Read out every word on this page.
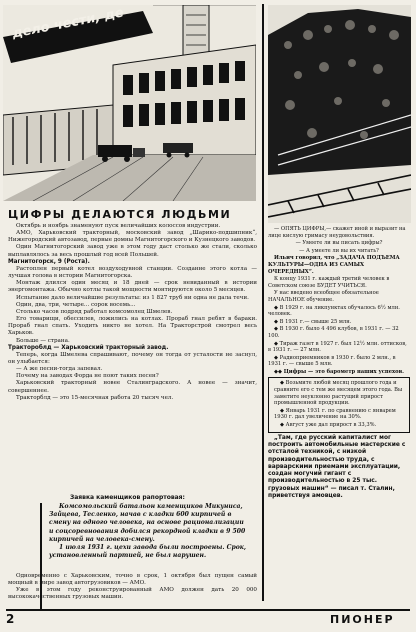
дело чести, де
ЦИФРЫ ДЕЛАЮТСЯ ЛЮДЬМИ

Октябрь и ноябрь знаменуют пуск величайших колоссов индустрии.

АМО, Харьковский тракторный, московский завод „Шарико-подшипник“, Нижегородский автозавод, первые домны Магнитогорского и Кузнецкого заводов.

Один Магнитогорский завод уже в этом году даст столько же стали, сколько выплавлялось за весь прошлый год всей Польшей.

Магнитогорск, 9 (Роста).

Растоплен первый котел воздуходувной станции. Созданне этого котла — лучшая голова в истории Магнитогорска.

Монтаж длился один месяц и 18 дней — срок невиданный в истории энергомонтажа. Обычно котлы такой мощности монтируются около 5 месяцев.

Испытание дало величайшие результаты: из 1 827 труб ни одна не дала течи.

Один, два, три, четыре... сорок восемь...

Столько часов подряд работал комсомолец Шмелев.

Его товарищи, обессилев, ложились на котлах. Прораб гнал ребят в бараки. Прораб гнал спать. Уходить никто не хотел. На Тракторстрой смотрел весь Харьков.

Больше — страна.

Трактороблд — Харьковский тракторный завод.

Теперь, когда Шмелева спрашивают, почему он тогда от усталости не заснул, он улыбается:

— А же песни-тогда запевал.

Почему на заводах Форда не поют таких песен?

Харьковский тракторный новее Сталинградского. А новее — значит, совершеннее.

Тракторблд — это 15-месячная работа 20 тысяч чел.

Заявка каменщиков рапортовая:

Комсомольский батальон каменщиков Микуниса, Зайцева, Тесленко, начав с кладки 600 кирпичей в смену на одного человека, на основе рационализации и соцсоревнования добился рекордной кладки в 9 500 кирпичей на человека-смену.

1 июля 1931 г. цехи завода были построены. Срок, установленный партией, не был нарушен.

Одновременно с Харьковским, точно в срок, 1 октября был пущен самый мощный в мире завод автогрузовиков — АМО.

Уже в этом году реконструированный АМО должен дать 20 000 высококачественных грузовых машин.

— ОПЯТЬ ЦИФРЫ,— скажет иной и выразит на лице кислую гримасу неудовольствия.

— Умеете ли вы писать цифры?

— А умеете ли вы их читать?

Ильич говорил, что „ЗАДАЧА ПОДЪЕМА КУЛЬТУРЫ—ОДНА ИЗ САМЫХ ОЧЕРЕДНЫХ“.

К концу 1931 г. каждый третий человек в Советском союзе БУДЕТ УЧИТЬСЯ.

У нас введено всеобщее обязательное НАЧАЛЬНОЕ обучение.

◆ В 1929 г. на ликпунктах обучалось 6½ млн. человек.

◆ В 1931 г.— свыше 25 млн.

◆ В 1930 г. было 4 496 клубов, в 1931 г. — 32 100.

◆ Тираж газет в 1927 г. был 12½ млн. оттисков, в 1931 г. — 27 млн.

◆ Радиоприемников в 1930 г. было 2 млн., в 1931 г. — свыше 5 млн.

◆◆ Цифры — это барометр наших успехов.

◆ Возьмите любой месяц прошлого года и сравните его с тем же месяцем этого года. Вы заметите неуклонно растущий прирост промышленной продукции.

◆ Январь 1931 г. по сравнению с январем 1930 г. дал увеличение на 30%.

◆ Август уже дал прирост в 33,3%.

„Там, где русский капиталист мог построить автомобильные мастерские с отсталой техникой, с низкой производительностью труда, с варварскими приемами эксплуатации, создан могучий гигант с производительностью в 25 тыс. грузовых машин“ — писал т. Сталин, приветствуя амовцев.

2	ПИОНЕР
